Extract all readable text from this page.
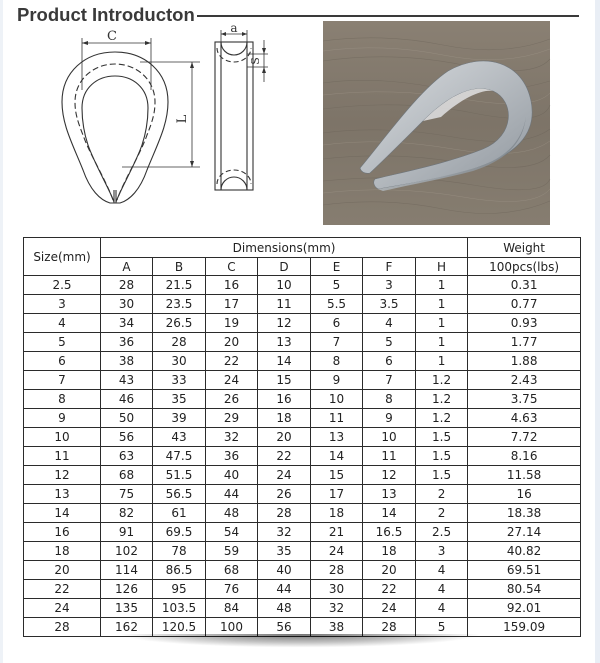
Product Introducton
C
L
a
S
Size(mm)	Dimensions(mm)							Weight
	A	B	C	D	E	F	H	100pcs(lbs)
2.5	28	21.5	16	10	5	3	1	0.31
3	30	23.5	17	11	5.5	3.5	1	0.77
4	34	26.5	19	12	6	4	1	0.93
5	36	28	20	13	7	5	1	1.77
6	38	30	22	14	8	6	1	1.88
7	43	33	24	15	9	7	1.2	2.43
8	46	35	26	16	10	8	1.2	3.75
9	50	39	29	18	11	9	1.2	4.63
10	56	43	32	20	13	10	1.5	7.72
11	63	47.5	36	22	14	11	1.5	8.16
12	68	51.5	40	24	15	12	1.5	11.58
13	75	56.5	44	26	17	13	2	16
14	82	61	48	28	18	14	2	18.38
16	91	69.5	54	32	21	16.5	2.5	27.14
18	102	78	59	35	24	18	3	40.82
20	114	86.5	68	40	28	20	4	69.51
22	126	95	76	44	30	22	4	80.54
24	135	103.5	84	48	32	24	4	92.01
28	162	120.5	100	56	38	28	5	159.09
